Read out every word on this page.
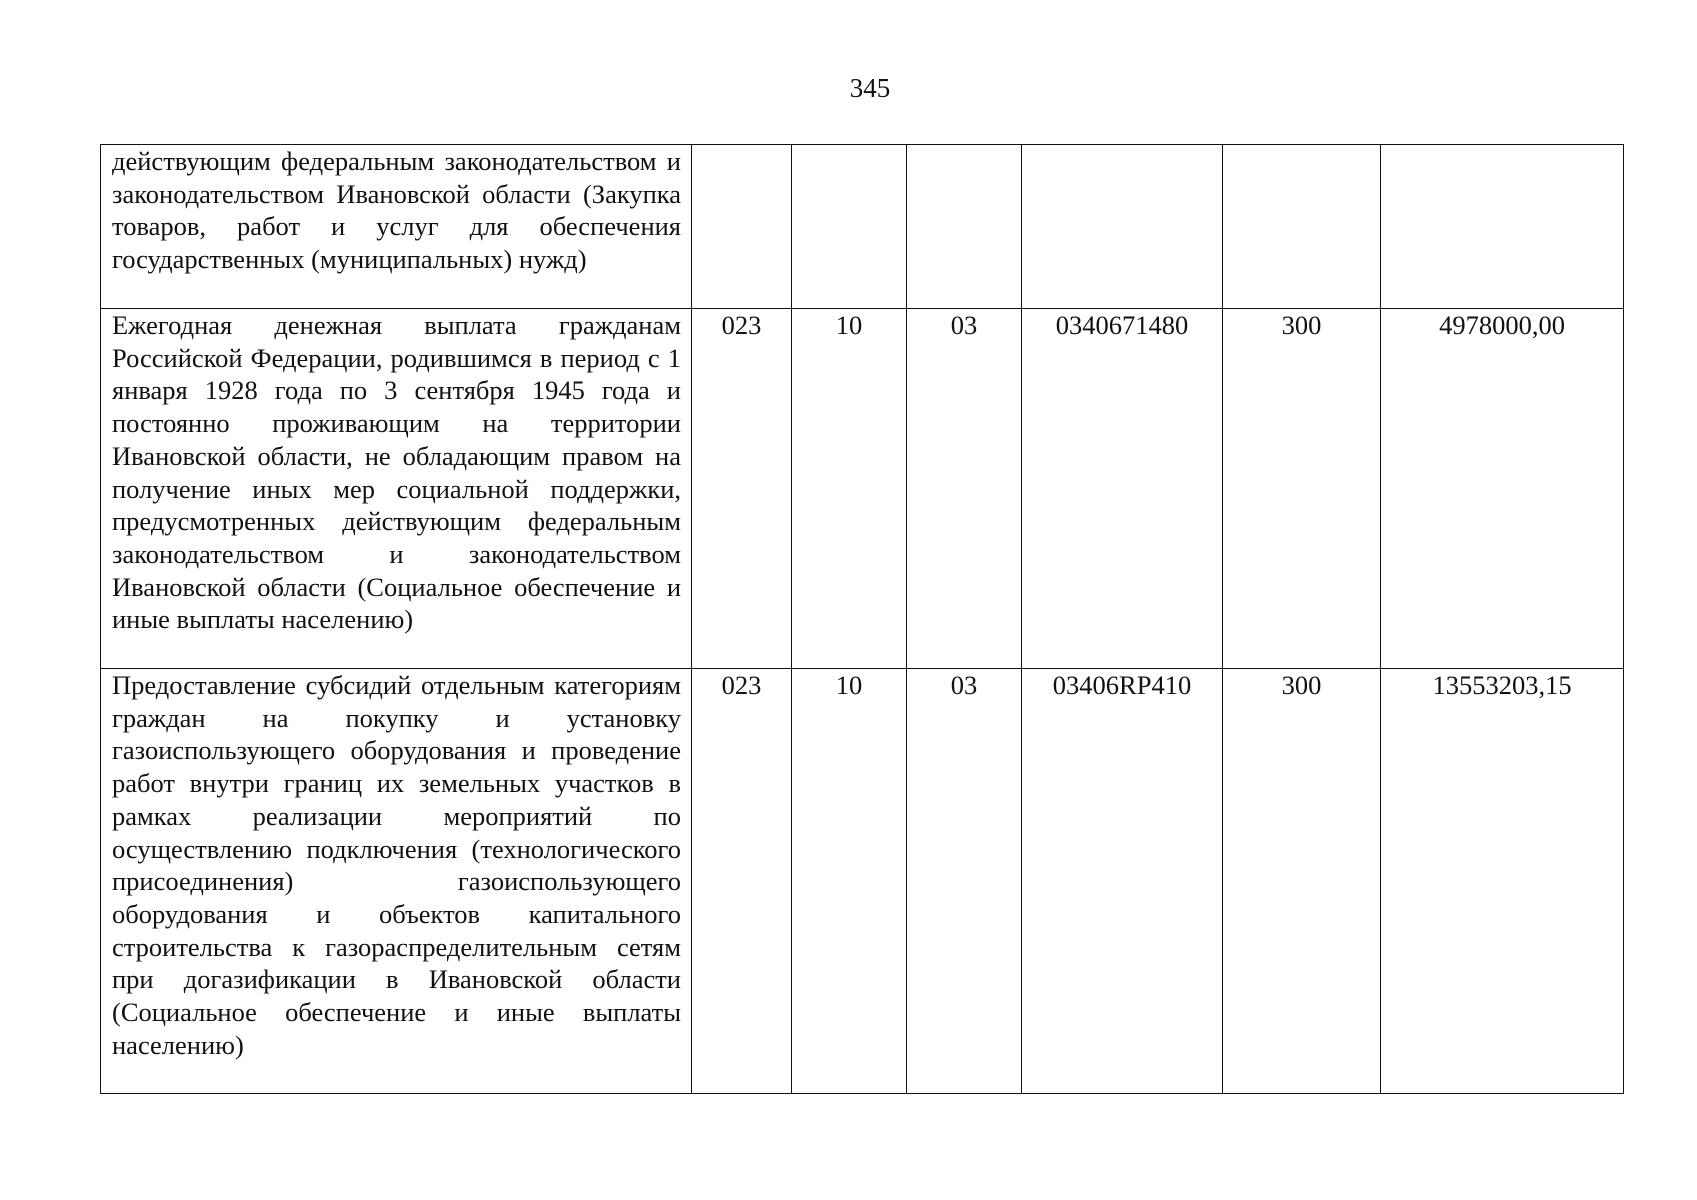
345
действующим федеральным законодательством и законодательством Ивановской области (Закупка товаров, работ и услуг для обеспечения государственных (муниципальных) нужд)						

Ежегодная денежная выплата гражданам Российской Федерации, родившимся в период с 1 января 1928 года по 3 сентября 1945 года и постоянно проживающим на территории Ивановской области, не обладающим правом на получение иных мер социальной поддержки, предусмотренных действующим федеральным законодательством и законодательством Ивановской области (Социальное обеспечение и иные выплаты населению)	023	10	03	0340671480	300	4978000,00

Предоставление субсидий отдельным категориям граждан на покупку и установку газоиспользующего оборудования и проведение работ внутри границ их земельных участков в рамках реализации мероприятий по осуществлению подключения (технологического присоединения) газоиспользующего оборудования и объектов капитального строительства к газораспределительным сетям при догазификации в Ивановской области (Социальное обеспечение и иные выплаты населению)	023	10	03	03406RP410	300	13553203,15
